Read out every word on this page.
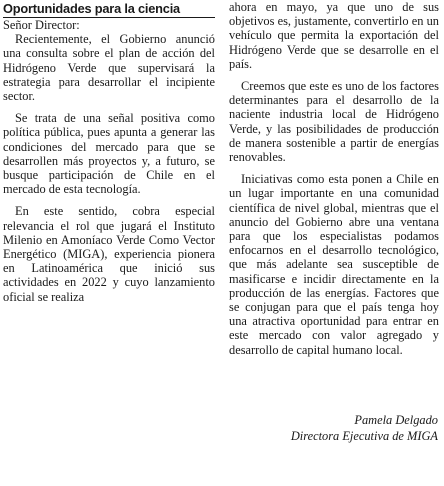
Oportunidades para la ciencia
Señor Director:

Recientemente, el Gobierno anunció una consulta sobre el plan de acción del Hidrógeno Verde que supervisará la estrategia para desarrollar el incipiente sector.

Se trata de una señal positiva como política pública, pues apunta a generar las condiciones del mercado para que se desarrollen más proyectos y, a futuro, se busque participación de Chile en el mercado de esta tecnología.

En este sentido, cobra especial relevancia el rol que jugará el Instituto Milenio en Amoníaco Verde Como Vector Energético (MIGA), experiencia pionera en Latinoamérica que inició sus actividades en 2022 y cuyo lanzamiento oficial se realiza

ahora en mayo, ya que uno de sus objetivos es, justamente, convertirlo en un vehículo que permita la exportación del Hidrógeno Verde que se desarrolle en el país.

Creemos que este es uno de los factores determinantes para el desarrollo de la naciente industria local de Hidrógeno Verde, y las posibilidades de producción de manera sostenible a partir de energías renovables.

Iniciativas como esta ponen a Chile en un lugar importante en una comunidad científica de nivel global, mientras que el anuncio del Gobierno abre una ventana para que los especialistas podamos enfocarnos en el desarrollo tecnológico, que más adelante sea susceptible de masificarse e incidir directamente en la producción de las energías. Factores que se conjugan para que el país tenga hoy una atractiva oportunidad para entrar en este mercado con valor agregado y desarrollo de capital humano local.

Pamela Delgado
Directora Ejecutiva de MIGA
